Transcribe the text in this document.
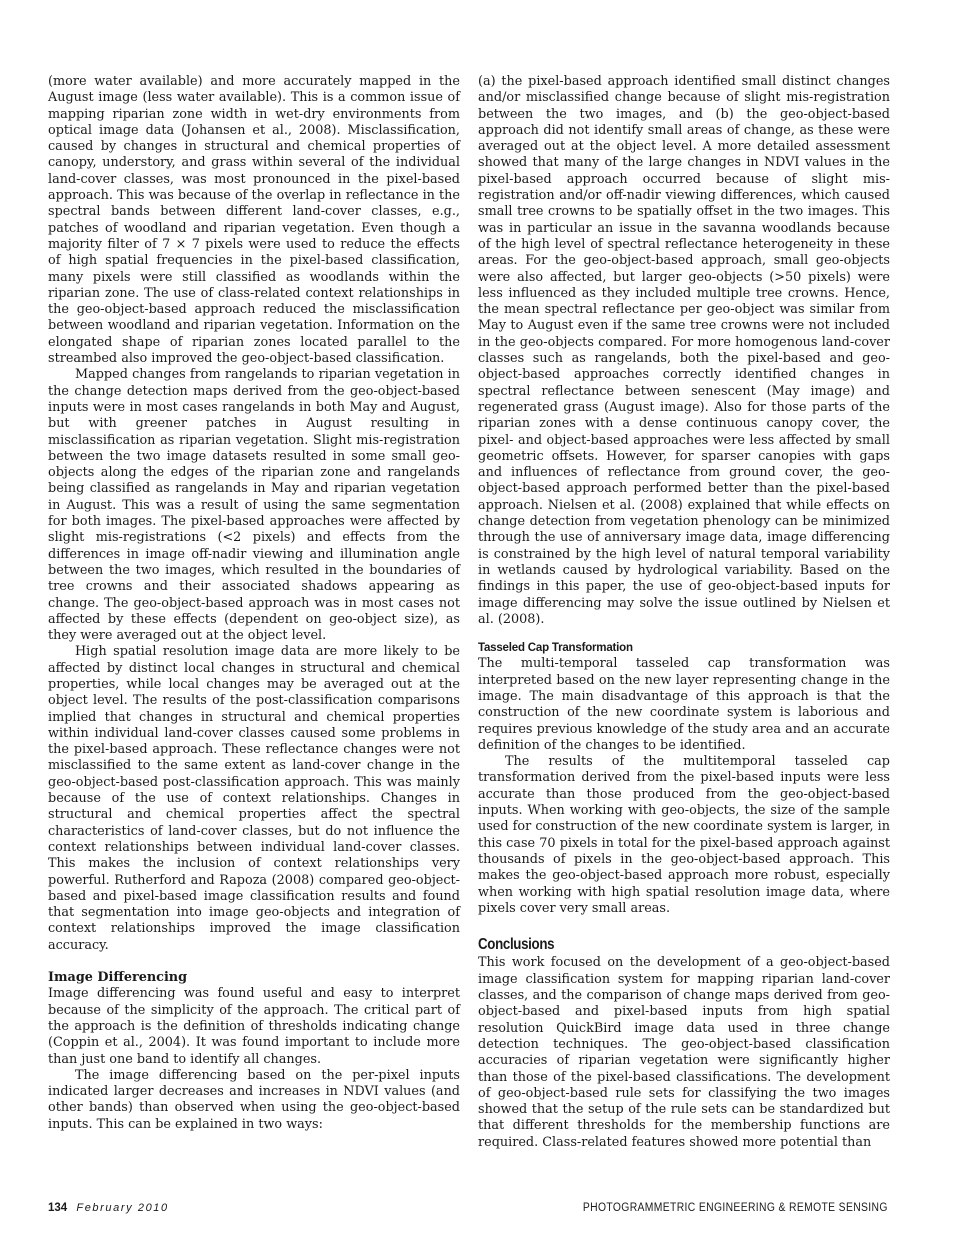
(more water available) and more accurately mapped in the August image (less water available). This is a common issue of mapping riparian zone width in wet-dry environments from optical image data (Johansen et al., 2008). Misclassification, caused by changes in structural and chemical properties of canopy, understory, and grass within several of the individual land-cover classes, was most pronounced in the pixel-based approach. This was because of the overlap in reflectance in the spectral bands between different land-cover classes, e.g., patches of woodland and riparian vegetation. Even though a majority filter of 7 × 7 pixels were used to reduce the effects of high spatial frequencies in the pixel-based classification, many pixels were still classified as woodlands within the riparian zone. The use of class-related context relationships in the geo-object-based approach reduced the misclassification between woodland and riparian vegetation. Information on the elongated shape of riparian zones located parallel to the streambed also improved the geo-object-based classification.

Mapped changes from rangelands to riparian vegetation in the change detection maps derived from the geo-object-based inputs were in most cases rangelands in both May and August, but with greener patches in August resulting in misclassification as riparian vegetation. Slight mis-registration between the two image datasets resulted in some small geo-objects along the edges of the riparian zone and rangelands being classified as rangelands in May and riparian vegetation in August. This was a result of using the same segmentation for both images. The pixel-based approaches were affected by slight mis-registrations (<2 pixels) and effects from the differences in image off-nadir viewing and illumination angle between the two images, which resulted in the boundaries of tree crowns and their associated shadows appearing as change. The geo-object-based approach was in most cases not affected by these effects (dependent on geo-object size), as they were averaged out at the object level.

High spatial resolution image data are more likely to be affected by distinct local changes in structural and chemical properties, while local changes may be averaged out at the object level. The results of the post-classification comparisons implied that changes in structural and chemical properties within individual land-cover classes caused some problems in the pixel-based approach. These reflectance changes were not misclassified to the same extent as land-cover change in the geo-object-based post-classification approach. This was mainly because of the use of context relationships. Changes in structural and chemical properties affect the spectral characteristics of land-cover classes, but do not influence the context relationships between individual land-cover classes. This makes the inclusion of context relationships very powerful. Rutherford and Rapoza (2008) compared geo-object-based and pixel-based image classification results and found that segmentation into image geo-objects and integration of context relationships improved the image classification accuracy.

Image Differencing

Image differencing was found useful and easy to interpret because of the simplicity of the approach. The critical part of the approach is the definition of thresholds indicating change (Coppin et al., 2004). It was found important to include more than just one band to identify all changes.

The image differencing based on the per-pixel inputs indicated larger decreases and increases in NDVI values (and other bands) than observed when using the geo-object-based inputs. This can be explained in two ways:

(a) the pixel-based approach identified small distinct changes and/or misclassified change because of slight mis-registration between the two images, and (b) the geo-object-based approach did not identify small areas of change, as these were averaged out at the object level. A more detailed assessment showed that many of the large changes in NDVI values in the pixel-based approach occurred because of slight mis-registration and/or off-nadir viewing differences, which caused small tree crowns to be spatially offset in the two images. This was in particular an issue in the savanna woodlands because of the high level of spectral reflectance heterogeneity in these areas. For the geo-object-based approach, small geo-objects were also affected, but larger geo-objects (>50 pixels) were less influenced as they included multiple tree crowns. Hence, the mean spectral reflectance per geo-object was similar from May to August even if the same tree crowns were not included in the geo-objects compared. For more homogenous land-cover classes such as rangelands, both the pixel-based and geo-object-based approaches correctly identified changes in spectral reflectance between senescent (May image) and regenerated grass (August image). Also for those parts of the riparian zones with a dense continuous canopy cover, the pixel- and object-based approaches were less affected by small geometric offsets. However, for sparser canopies with gaps and influences of reflectance from ground cover, the geo-object-based approach performed better than the pixel-based approach. Nielsen et al. (2008) explained that while effects on change detection from vegetation phenology can be minimized through the use of anniversary image data, image differencing is constrained by the high level of natural temporal variability in wetlands caused by hydrological variability. Based on the findings in this paper, the use of geo-object-based inputs for image differencing may solve the issue outlined by Nielsen et al. (2008).

Tasseled Cap Transformation

The multi-temporal tasseled cap transformation was interpreted based on the new layer representing change in the image. The main disadvantage of this approach is that the construction of the new coordinate system is laborious and requires previous knowledge of the study area and an accurate definition of the changes to be identified.

The results of the multitemporal tasseled cap transformation derived from the pixel-based inputs were less accurate than those produced from the geo-object-based inputs. When working with geo-objects, the size of the sample used for construction of the new coordinate system is larger, in this case 70 pixels in total for the pixel-based approach against thousands of pixels in the geo-object-based approach. This makes the geo-object-based approach more robust, especially when working with high spatial resolution image data, where pixels cover very small areas.

Conclusions

This work focused on the development of a geo-object-based image classification system for mapping riparian land-cover classes, and the comparison of change maps derived from geo-object-based and pixel-based inputs from high spatial resolution QuickBird image data used in three change detection techniques. The geo-object-based classification accuracies of riparian vegetation were significantly higher than those of the pixel-based classifications. The development of geo-object-based rule sets for classifying the two images showed that the setup of the rule sets can be standardized but that different thresholds for the membership functions are required. Class-related features showed more potential than

134 February 2010	PHOTOGRAMMETRIC ENGINEERING & REMOTE SENSING
